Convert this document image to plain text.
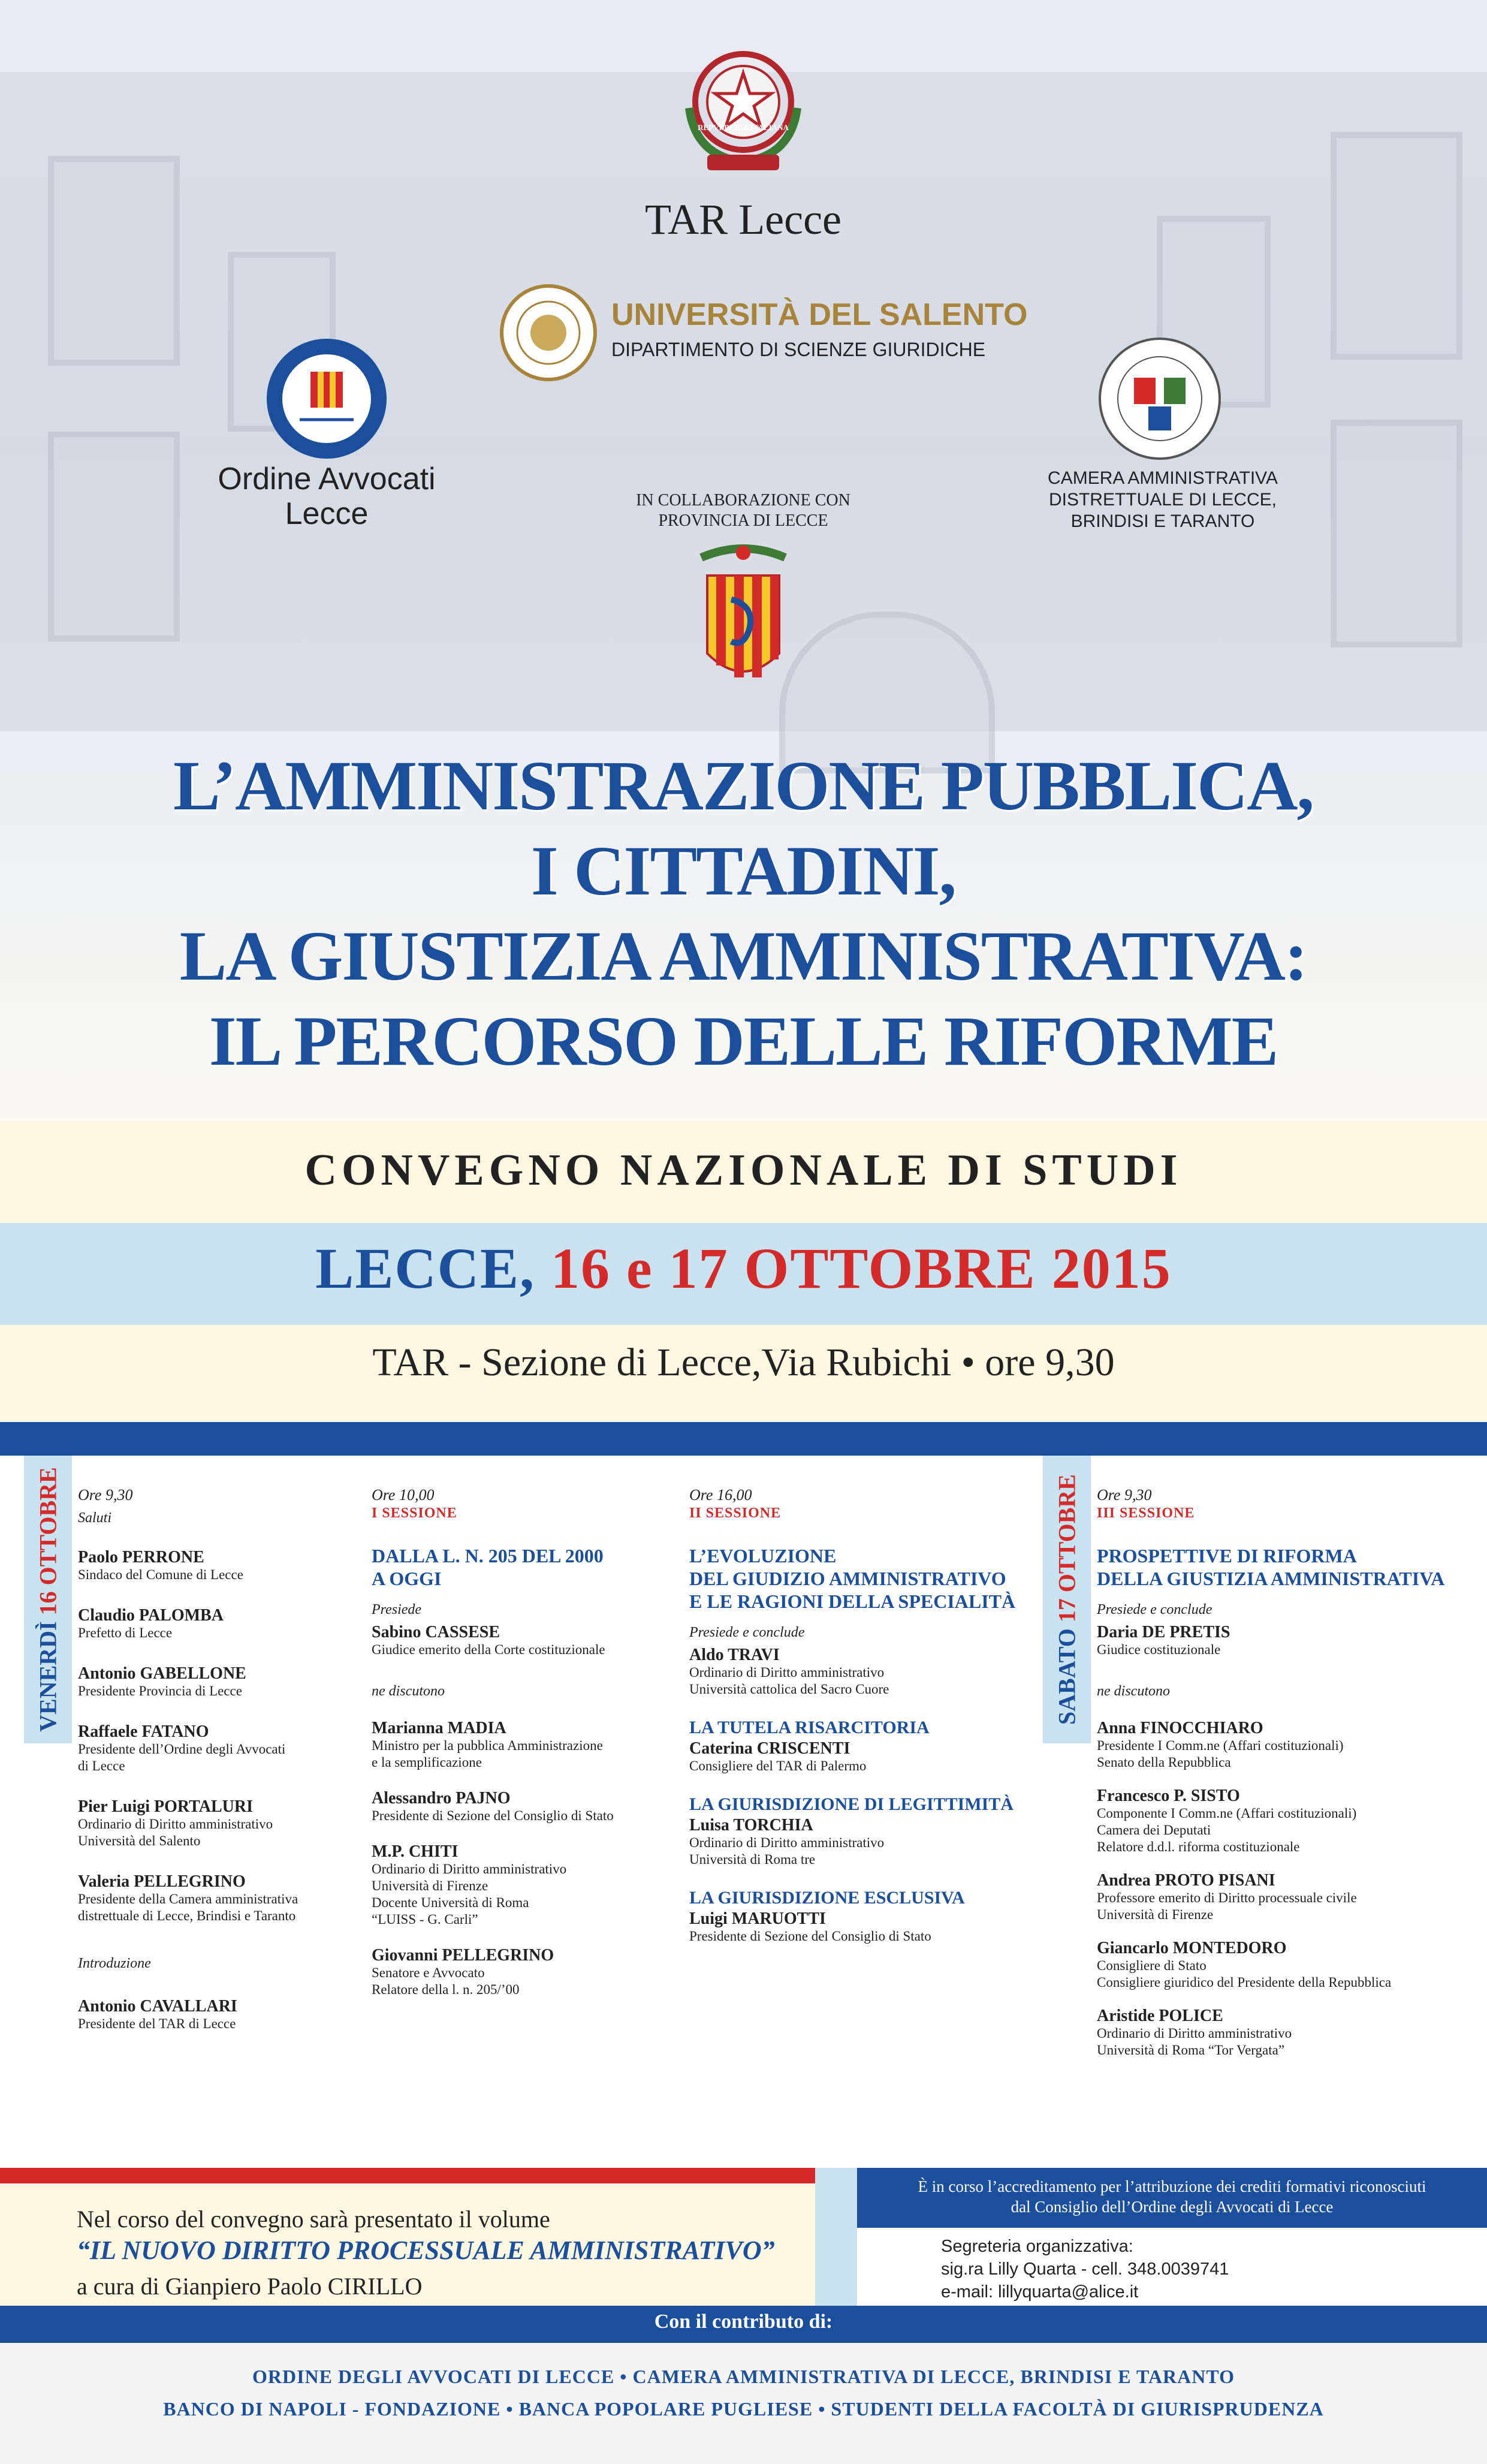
REPVBBLICA ITALIANA
TAR Lecce
UNIVERSITÀ DEL SALENTO
DIPARTIMENTO DI SCIENZE GIURIDICHE
Ordine Avvocati
Lecce
CAMERA AMMINISTRATIVA
DISTRETTUALE DI LECCE,
BRINDISI E TARANTO
IN COLLABORAZIONE CON
PROVINCIA DI LECCE
L’AMMINISTRAZIONE PUBBLICA,
I CITTADINI,
LA GIUSTIZIA AMMINISTRATIVA:
IL PERCORSO DELLE RIFORME
CONVEGNO NAZIONALE DI STUDI
LECCE, 16 e 17 OTTOBRE 2015
TAR - Sezione di Lecce,Via Rubichi • ore 9,30
VENERDÌ 16 OTTOBRE
SABATO 17 OTTOBRE
Ore 9,30
Saluti
Paolo PERRONE
Sindaco del Comune di Lecce
Claudio PALOMBA
Prefetto di Lecce
Antonio GABELLONE
Presidente Provincia di Lecce
Raffaele FATANO
Presidente dell’Ordine degli Avvocati
di Lecce
Pier Luigi PORTALURI
Ordinario di Diritto amministrativo
Università del Salento
Valeria PELLEGRINO
Presidente della Camera amministrativa
distrettuale di Lecce, Brindisi e Taranto
Introduzione
Antonio CAVALLARI
Presidente del TAR di Lecce
Ore 10,00
I SESSIONE
DALLA L. N. 205 DEL 2000
A OGGI
Presiede
Sabino CASSESE
Giudice emerito della Corte costituzionale
ne discutono
Marianna MADIA
Ministro per la pubblica Amministrazione
e la semplificazione
Alessandro PAJNO
Presidente di Sezione del Consiglio di Stato
M.P. CHITI
Ordinario di Diritto amministrativo
Università di Firenze
Docente Università di Roma
“LUISS - G. Carli”
Giovanni PELLEGRINO
Senatore e Avvocato
Relatore della l. n. 205/’00
Ore 16,00
II SESSIONE
L’EVOLUZIONE
DEL GIUDIZIO AMMINISTRATIVO
E LE RAGIONI DELLA SPECIALITÀ
Presiede e conclude
Aldo TRAVI
Ordinario di Diritto amministrativo
Università cattolica del Sacro Cuore
LA TUTELA RISARCITORIA
Caterina CRISCENTI
Consigliere del TAR di Palermo
LA GIURISDIZIONE DI LEGITTIMITÀ
Luisa TORCHIA
Ordinario di Diritto amministrativo
Università di Roma tre
LA GIURISDIZIONE ESCLUSIVA
Luigi MARUOTTI
Presidente di Sezione del Consiglio di Stato
Ore 9,30
III SESSIONE
PROSPETTIVE DI RIFORMA
DELLA GIUSTIZIA AMMINISTRATIVA
Presiede e conclude
Daria DE PRETIS
Giudice costituzionale
ne discutono
Anna FINOCCHIARO
Presidente I Comm.ne (Affari costituzionali)
Senato della Repubblica
Francesco P. SISTO
Componente I Comm.ne (Affari costituzionali)
Camera dei Deputati
Relatore d.d.l. riforma costituzionale
Andrea PROTO PISANI
Professore emerito di Diritto processuale civile
Università di Firenze
Giancarlo MONTEDORO
Consigliere di Stato
Consigliere giuridico del Presidente della Repubblica
Aristide POLICE
Ordinario di Diritto amministrativo
Università di Roma “Tor Vergata”
È in corso l’accreditamento per l’attribuzione dei crediti formativi riconosciuti
dal Consiglio dell’Ordine degli Avvocati di Lecce
Nel corso del convegno sarà presentato il volume
“IL NUOVO DIRITTO PROCESSUALE AMMINISTRATIVO”
a cura di Gianpiero Paolo CIRILLO
Segreteria organizzativa:
sig.ra Lilly Quarta - cell. 348.0039741
e-mail: lillyquarta@alice.it
Con il contributo di:
ORDINE DEGLI AVVOCATI DI LECCE • CAMERA AMMINISTRATIVA DI LECCE, BRINDISI E TARANTO
BANCO DI NAPOLI - FONDAZIONE • BANCA POPOLARE PUGLIESE • STUDENTI DELLA FACOLTÀ DI GIURISPRUDENZA
